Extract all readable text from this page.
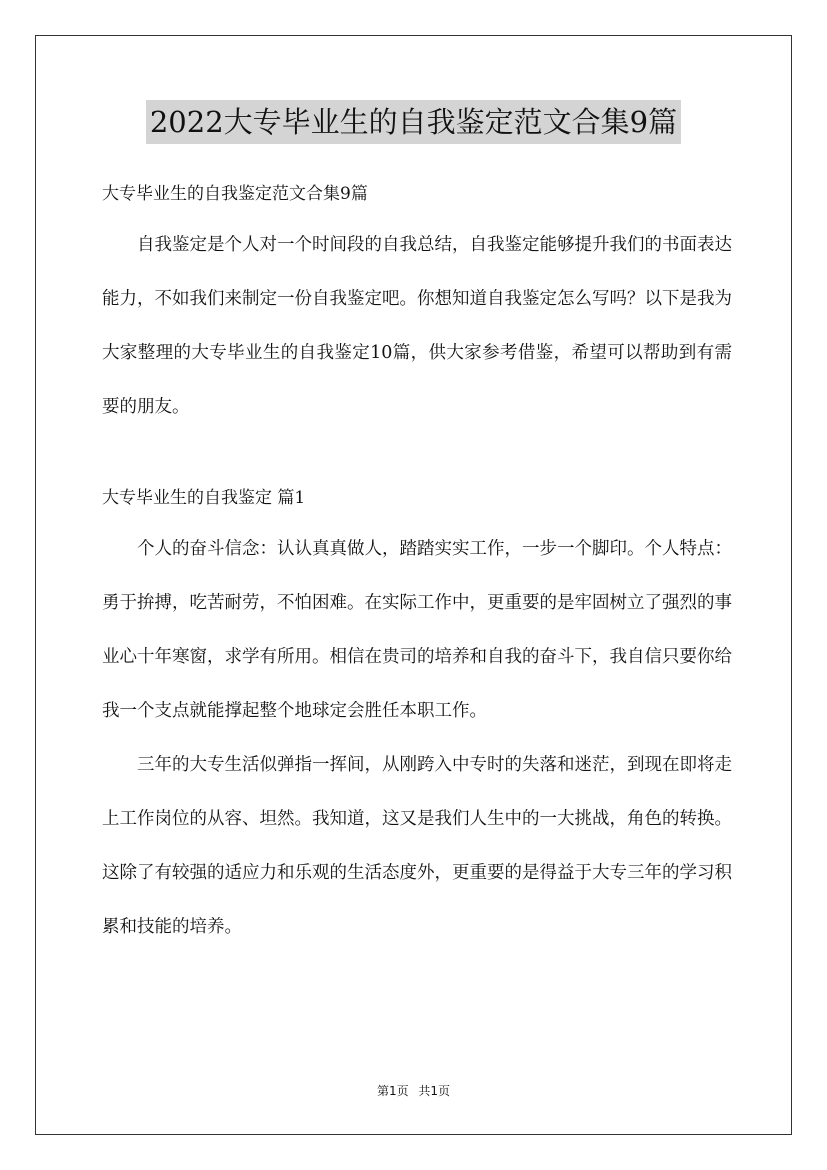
2022大专毕业生的自我鉴定范文合集9篇

大专毕业生的自我鉴定范文合集9篇

自我鉴定是个人对一个时间段的自我总结，自我鉴定能够提升我们的书面表达能力，不如我们来制定一份自我鉴定吧。你想知道自我鉴定怎么写吗？以下是我为大家整理的大专毕业生的自我鉴定10篇，供大家参考借鉴，希望可以帮助到有需要的朋友。

大专毕业生的自我鉴定 篇1

个人的奋斗信念：认认真真做人，踏踏实实工作，一步一个脚印。个人特点：勇于拚搏，吃苦耐劳，不怕困难。在实际工作中，更重要的是牢固树立了强烈的事业心十年寒窗，求学有所用。相信在贵司的培养和自我的奋斗下，我自信只要你给我一个支点就能撑起整个地球定会胜任本职工作。

三年的大专生活似弹指一挥间，从刚跨入中专时的失落和迷茫，到现在即将走上工作岗位的从容、坦然。我知道，这又是我们人生中的一大挑战，角色的转换。这除了有较强的适应力和乐观的生活态度外，更重要的是得益于大专三年的学习积累和技能的培养。

第1页 共1页
